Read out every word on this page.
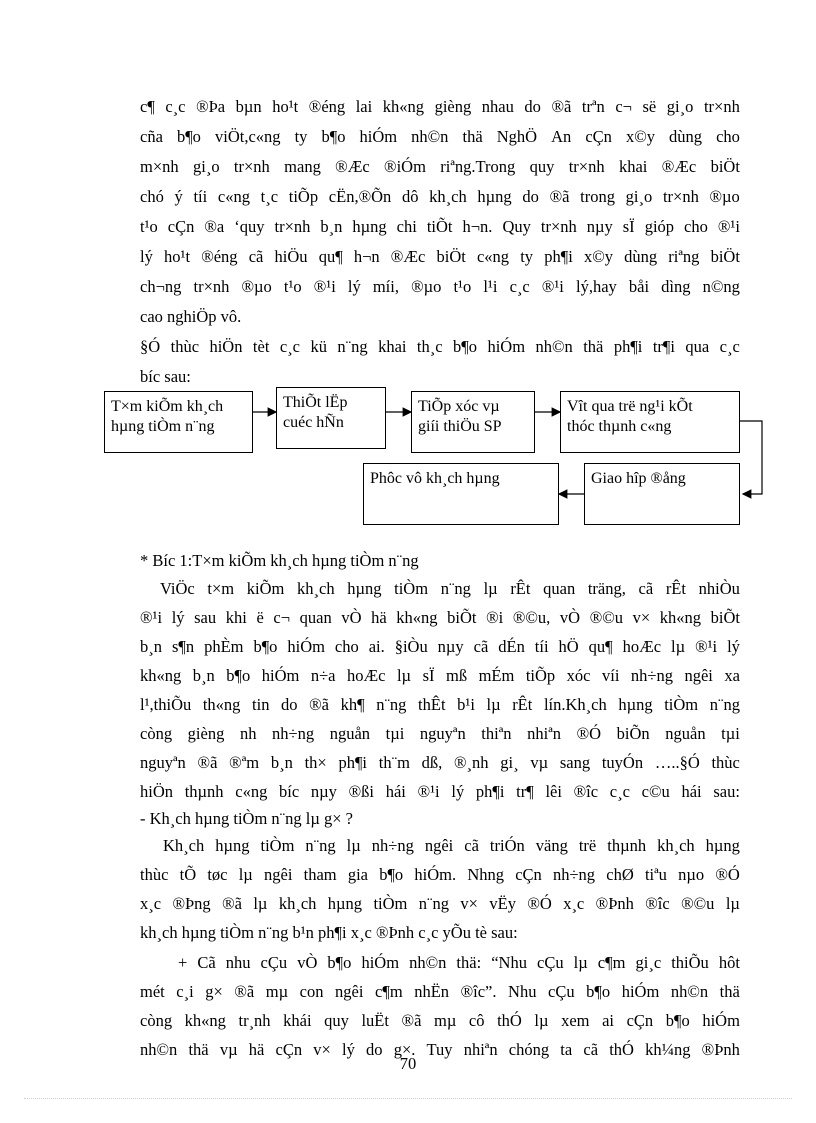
c¶ c¸c ®Þa bµn ho¹t ®éng lai kh«ng gièng nhau do ®ã trªn c¬ së gi¸o tr×nh
cña b¶o viÖt,c«ng ty b¶o hiÓm nh©n thä NghÖ An cÇn x©y dùng cho
m×nh gi¸o tr×nh mang ®Æc ®iÓm riªng.Trong quy tr×nh khai ®Æc biÖt
chó ý tíi c«ng t¸c tiÕp cËn,®Õn dô kh¸ch hµng do ®ã trong gi¸o tr×nh ®µo
t¹o cÇn ®a ‘quy tr×nh b¸n hµng chi tiÕt h¬n. Quy tr×nh nµy sÏ gióp cho ®¹i
lý ho¹t ®éng cã hiÖu qu¶ h¬n ®Æc biÖt c«ng ty ph¶i x©y dùng riªng biÖt
ch¬ng tr×nh ®µo t¹o ®¹i lý míi, ®µo t¹o l¹i c¸c ®¹i lý,hay båi dìng n©ng
cao nghiÖp vô.
§Ó thùc hiÖn tèt c¸c kü n¨ng khai th¸c b¶o hiÓm nh©n thä ph¶i tr¶i qua c¸c
bíc sau:
T×m kiÕm kh¸ch
hµng tiÒm n¨ng
ThiÕt lËp
cuéc hÑn
TiÕp xóc vµ
giíi thiÖu SP
Vît qua trë ng¹i kÕt
thóc thµnh c«ng
Giao hîp ®ång
Phôc vô kh¸ch hµng
* Bíc 1:T×m kiÕm kh¸ch hµng tiÒm n¨ng
ViÖc t×m kiÕm kh¸ch hµng tiÒm n¨ng lµ rÊt quan träng, cã rÊt nhiÒu
®¹i lý sau khi ë c¬ quan vÒ hä kh«ng biÕt ®i ®©u, vÒ ®©u v× kh«ng biÕt
b¸n s¶n phÈm b¶o hiÓm cho ai. §iÒu nµy cã dÉn tíi hÖ qu¶ hoÆc lµ ®¹i lý
kh«ng b¸n b¶o hiÓm n÷a hoÆc lµ sÏ mß mÉm tiÕp xóc víi nh÷ng ngêi xa
l¹,thiÕu th«ng tin do ®ã kh¶ n¨ng thÊt b¹i lµ rÊt lín.Kh¸ch hµng tiÒm n¨ng
còng gièng nh nh÷ng nguån tµi nguyªn thiªn nhiªn ®Ó biÕn nguån tµi
nguyªn ®ã ®ªm b¸n th× ph¶i th¨m dß, ®¸nh gi¸ vµ sang tuyÓn …..§Ó thùc
hiÖn thµnh c«ng bíc nµy ®ßi hái ®¹i lý ph¶i tr¶ lêi ®îc c¸c c©u hái sau:
- Kh¸ch hµng tiÒm n¨ng lµ g× ?
Kh¸ch hµng tiÒm n¨ng lµ nh÷ng ngêi cã triÓn väng trë thµnh kh¸ch hµng
thùc tÕ tøc lµ ngêi tham gia b¶o hiÓm. Nhng cÇn nh÷ng chØ tiªu nµo ®Ó
x¸c ®Þng ®ã lµ kh¸ch hµng tiÒm n¨ng v× vËy ®Ó x¸c ®Þnh ®îc ®©u lµ
kh¸ch hµng tiÒm n¨ng b¹n ph¶i x¸c ®Þnh c¸c yÕu tè sau:
+ Cã nhu cÇu vÒ b¶o hiÓm nh©n thä: “Nhu cÇu lµ c¶m gi¸c thiÕu hôt
mét c¸i g× ®ã mµ con ngêi c¶m nhËn ®îc”. Nhu cÇu b¶o hiÓm nh©n thä
còng kh«ng tr¸nh khái quy luËt ®ã mµ cô thÓ lµ xem ai cÇn b¶o hiÓm
nh©n thä vµ hä cÇn v× lý do g×. Tuy nhiªn chóng ta cã thÓ kh¼ng ®Þnh
70
